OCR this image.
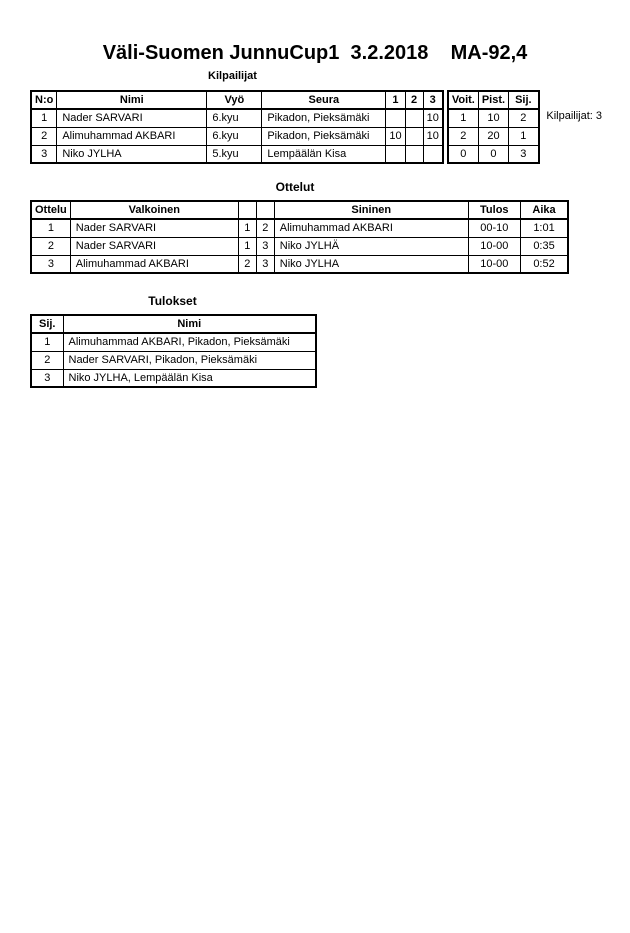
Väli-Suomen JunnuCup1  3.2.2018    MA-92,4
Kilpailijat: 3
Kilpailijat
N:o	Nimi	Vyö	Seura	1	2	3
1	Nader SARVARI	6.kyu	Pikadon, Pieksämäki			10
2	Alimuhammad AKBARI	6.kyu	Pikadon, Pieksämäki	10		10
3	Niko JYLHA	5.kyu	Lempäälän Kisa			
Voit.	Pist.	Sij.
1	10	2
2	20	1
0	0	3
Ottelut
Ottelu	Valkoinen			Sininen	Tulos	Aika
1	Nader SARVARI	1	2	Alimuhammad AKBARI	00-10	1:01
2	Nader SARVARI	1	3	Niko JYLHÄ	10-00	0:35
3	Alimuhammad AKBARI	2	3	Niko JYLHA	10-00	0:52
Tulokset
Sij.	Nimi
1	Alimuhammad AKBARI, Pikadon, Pieksämäki
2	Nader SARVARI, Pikadon, Pieksämäki
3	Niko JYLHA, Lempäälän Kisa
